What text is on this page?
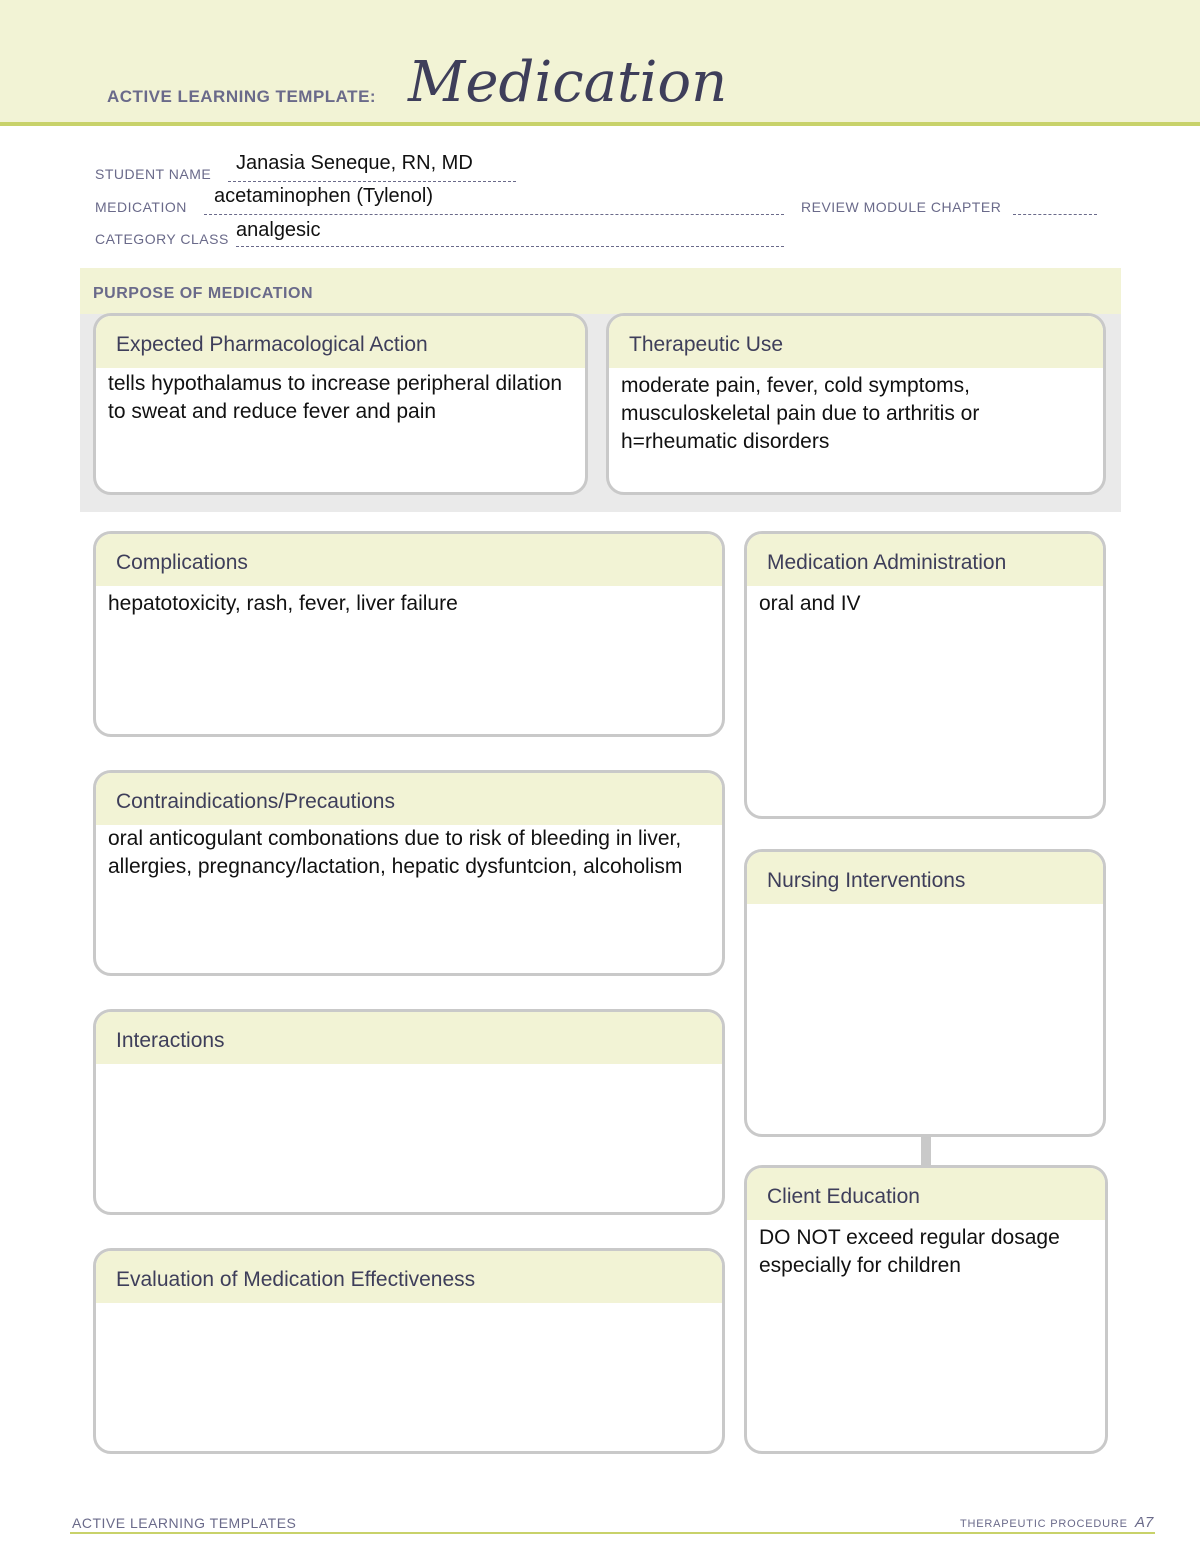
ACTIVE LEARNING TEMPLATE: Medication
STUDENT NAME Janasia Seneque, RN, MD
MEDICATION acetaminophen (Tylenol)	REVIEW MODULE CHAPTER
CATEGORY CLASS analgesic
PURPOSE OF MEDICATION
Expected Pharmacological Action
tells hypothalamus to increase peripheral dilation to sweat and reduce fever and pain
Therapeutic Use
moderate pain, fever, cold symptoms, musculoskeletal pain due to arthritis or h=rheumatic disorders
Complications
hepatotoxicity, rash, fever, liver failure
Contraindications/Precautions
oral anticogulant combonations due to risk of bleeding in liver, allergies, pregnancy/lactation, hepatic dysfuntcion, alcoholism
Interactions
Evaluation of Medication Effectiveness
Medication Administration
oral and IV
Nursing Interventions
Client Education
DO NOT exceed regular dosage especially for children
ACTIVE LEARNING TEMPLATES	THERAPEUTIC PROCEDURE A7
